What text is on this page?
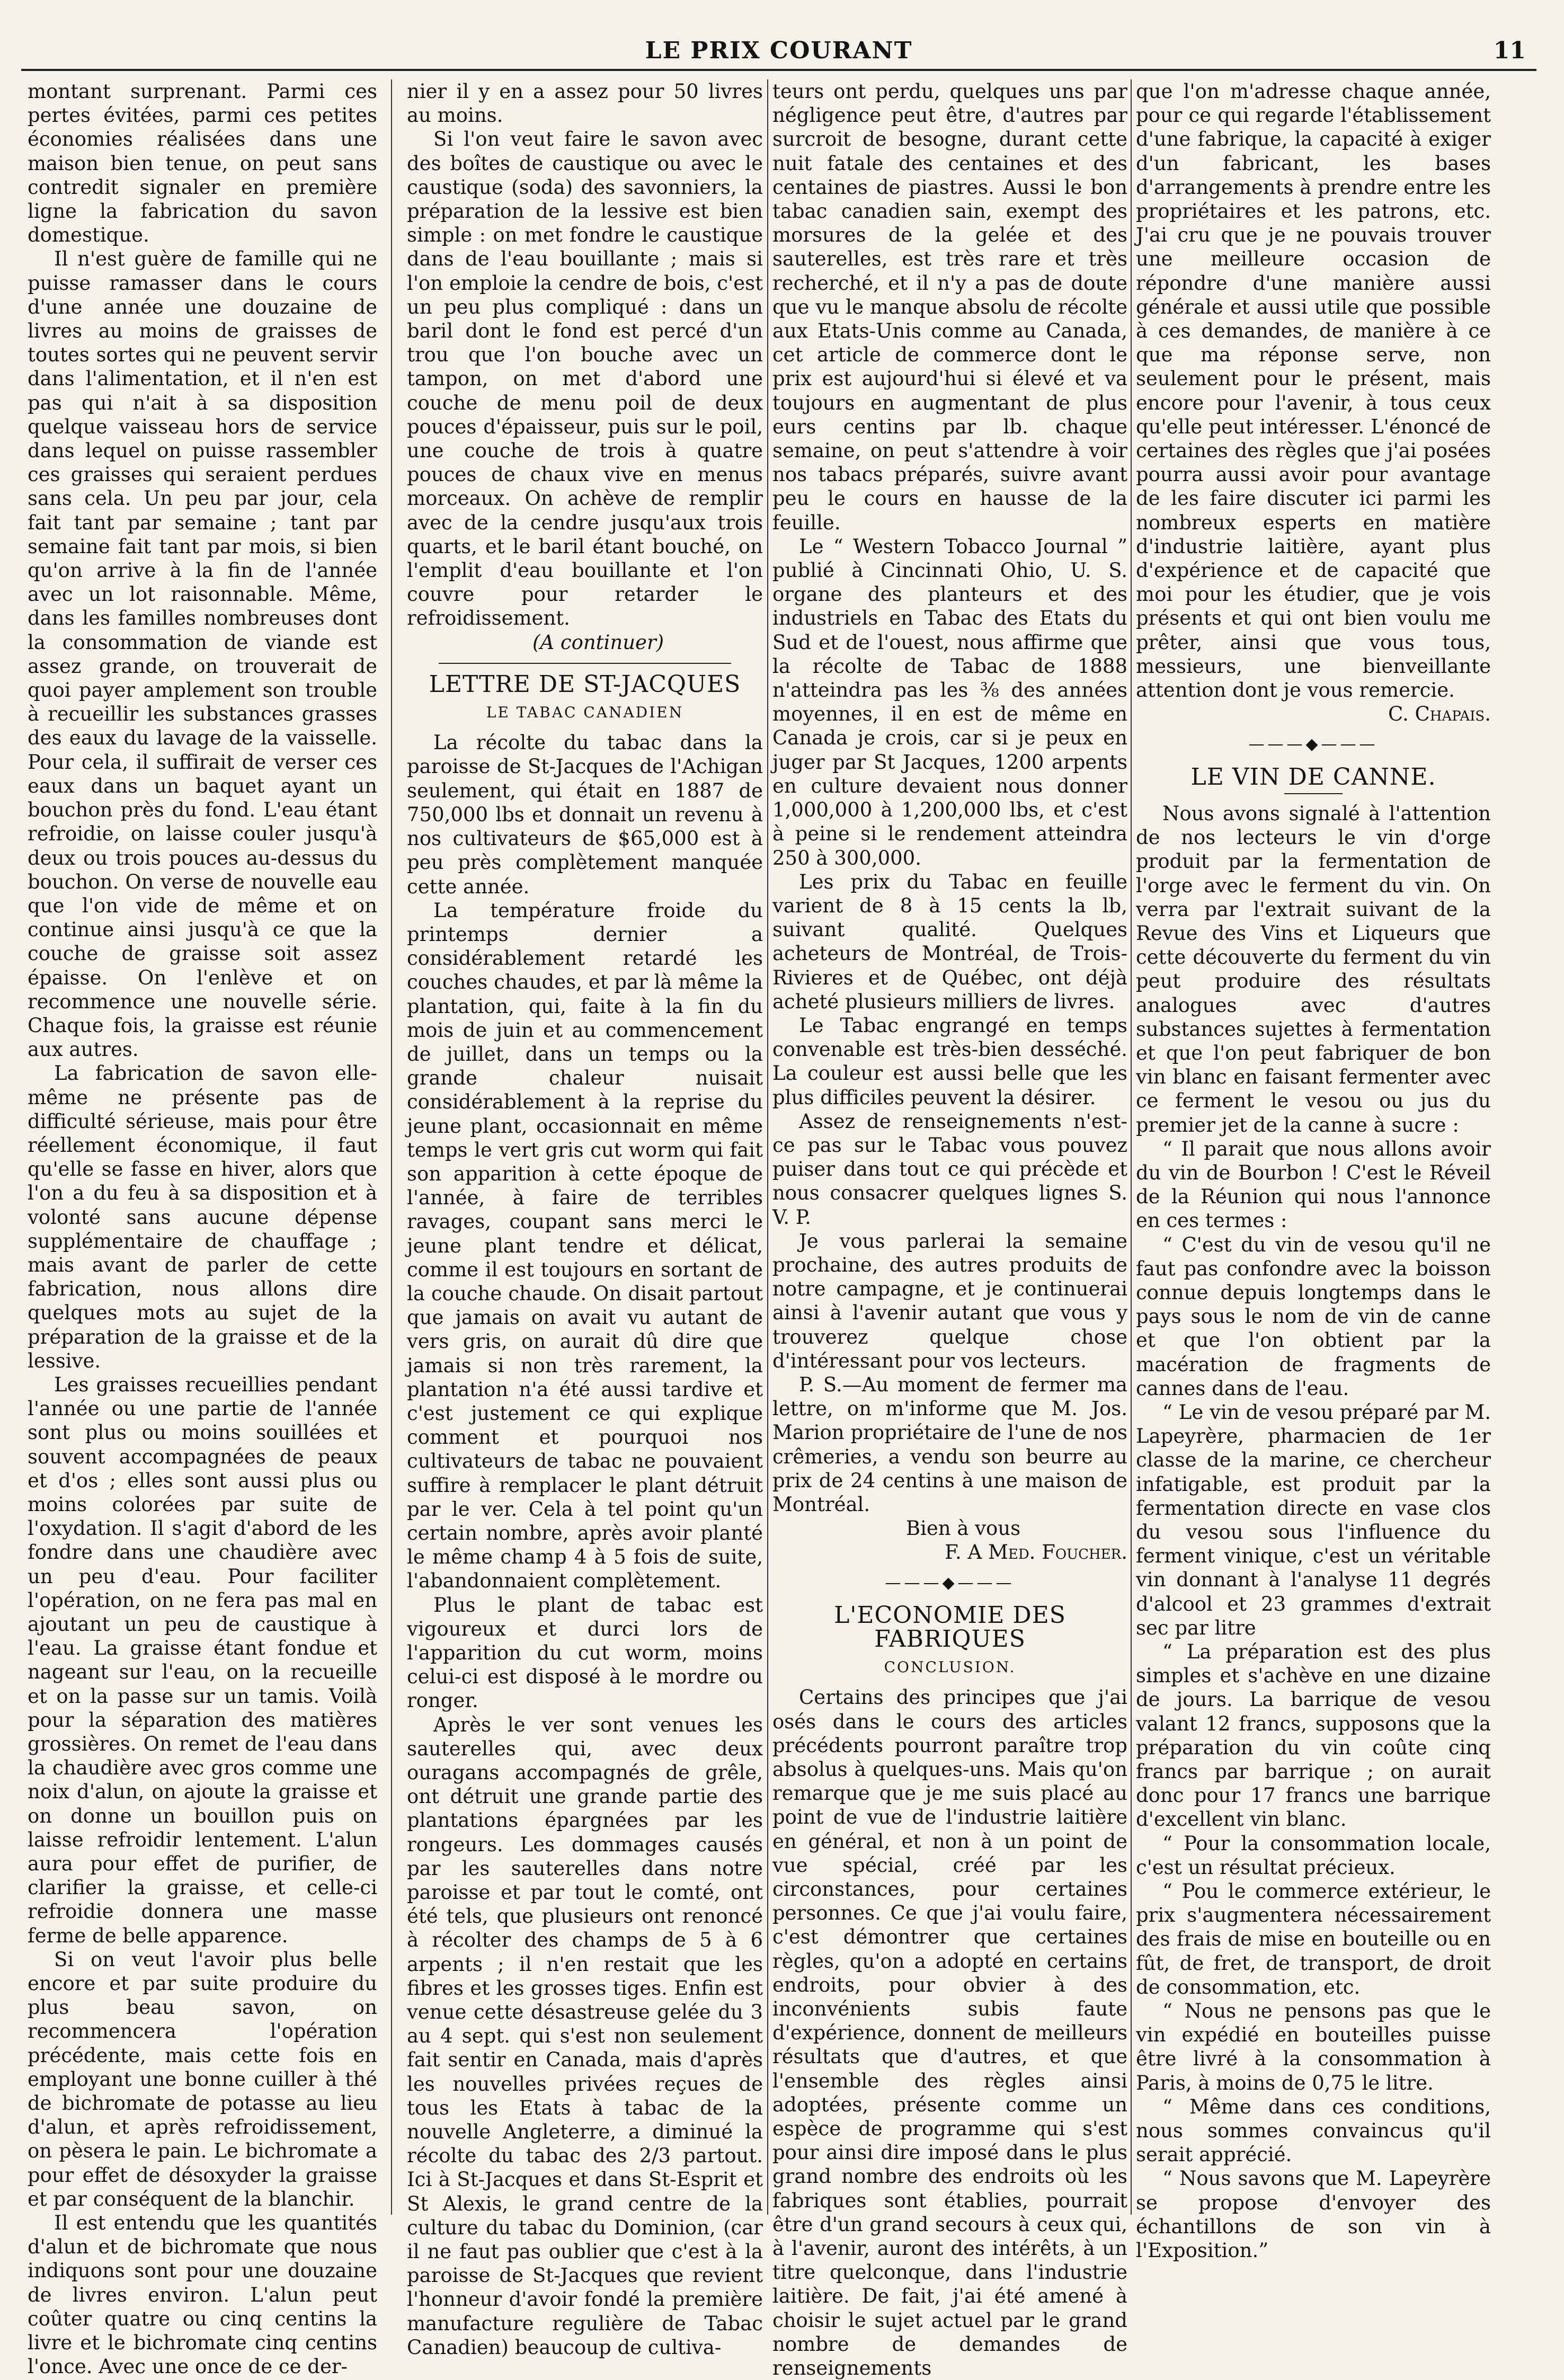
LE PRIX COURANT	11

montant surprenant. Parmi ces pertes évitées, parmi ces petites économies réalisées dans une maison bien tenue, on peut sans contredit signaler en première ligne la fabrication du savon domestique.

Il n'est guère de famille qui ne puisse ramasser dans le cours d'une année une douzaine de livres au moins de graisses de toutes sortes qui ne peuvent servir dans l'alimentation, et il n'en est pas qui n'ait à sa disposition quelque vaisseau hors de service dans lequel on puisse rassembler ces graisses qui seraient perdues sans cela. Un peu par jour, cela fait tant par semaine ; tant par semaine fait tant par mois, si bien qu'on arrive à la fin de l'année avec un lot raisonnable. Même, dans les familles nombreuses dont la consommation de viande est assez grande, on trouverait de quoi payer amplement son trouble à recueillir les substances grasses des eaux du lavage de la vaisselle. Pour cela, il suffirait de verser ces eaux dans un baquet ayant un bouchon près du fond. L'eau étant refroidie, on laisse couler jusqu'à deux ou trois pouces au-dessus du bouchon. On verse de nouvelle eau que l'on vide de même et on continue ainsi jusqu'à ce que la couche de graisse soit assez épaisse. On l'enlève et on recommence une nouvelle série. Chaque fois, la graisse est réunie aux autres.

La fabrication de savon elle-même ne présente pas de difficulté sérieuse, mais pour être réellement économique, il faut qu'elle se fasse en hiver, alors que l'on a du feu à sa disposition et à volonté sans aucune dépense supplémentaire de chauffage ; mais avant de parler de cette fabrication, nous allons dire quelques mots au sujet de la préparation de la graisse et de la lessive.

Les graisses recueillies pendant l'année ou une partie de l'année sont plus ou moins souillées et souvent accompagnées de peaux et d'os ; elles sont aussi plus ou moins colorées par suite de l'oxydation. Il s'agit d'abord de les fondre dans une chaudière avec un peu d'eau. Pour faciliter l'opération, on ne fera pas mal en ajoutant un peu de caustique à l'eau. La graisse étant fondue et nageant sur l'eau, on la recueille et on la passe sur un tamis. Voilà pour la séparation des matières grossières. On remet de l'eau dans la chaudière avec gros comme une noix d'alun, on ajoute la graisse et on donne un bouillon puis on laisse refroidir lentement. L'alun aura pour effet de purifier, de clarifier la graisse, et celle-ci refroidie donnera une masse ferme de belle apparence.

Si on veut l'avoir plus belle encore et par suite produire du plus beau savon, on recommencera l'opération précédente, mais cette fois en employant une bonne cuiller à thé de bichromate de potasse au lieu d'alun, et après refroidissement, on pèsera le pain. Le bichromate a pour effet de désoxyder la graisse et par conséquent de la blanchir.

Il est entendu que les quantités d'alun et de bichromate que nous indiquons sont pour une douzaine de livres environ. L'alun peut coûter quatre ou cinq centins la livre et le bichromate cinq centins l'once. Avec une once de ce der-

nier il y en a assez pour 50 livres au moins.

Si l'on veut faire le savon avec des boîtes de caustique ou avec le caustique (soda) des savonniers, la préparation de la lessive est bien simple : on met fondre le caustique dans de l'eau bouillante ; mais si l'on emploie la cendre de bois, c'est un peu plus compliqué : dans un baril dont le fond est percé d'un trou que l'on bouche avec un tampon, on met d'abord une couche de menu poil de deux pouces d'épaisseur, puis sur le poil, une couche de trois à quatre pouces de chaux vive en menus morceaux. On achève de remplir avec de la cendre jusqu'aux trois quarts, et le baril étant bouché, on l'emplit d'eau bouillante et l'on couvre pour retarder le refroidissement.

(A continuer)

LETTRE DE ST-JACQUES
LE TABAC CANADIEN

La récolte du tabac dans la paroisse de St-Jacques de l'Achigan seulement, qui était en 1887 de 750,000 lbs et donnait un revenu à nos cultivateurs de $65,000 est à peu près complètement manquée cette année.

La température froide du printemps dernier a considérablement retardé les couches chaudes, et par là même la plantation, qui, faite à la fin du mois de juin et au commencement de juillet, dans un temps ou la grande chaleur nuisait considérablement à la reprise du jeune plant, occasionnait en même temps le vert gris cut worm qui fait son apparition à cette époque de l'année, à faire de terribles ravages, coupant sans merci le jeune plant tendre et délicat, comme il est toujours en sortant de la couche chaude. On disait partout que jamais on avait vu autant de vers gris, on aurait dû dire que jamais si non très rarement, la plantation n'a été aussi tardive et c'est justement ce qui explique comment et pourquoi nos cultivateurs de tabac ne pouvaient suffire à remplacer le plant détruit par le ver. Cela à tel point qu'un certain nombre, après avoir planté le même champ 4 à 5 fois de suite, l'abandonnaient complètement.

Plus le plant de tabac est vigoureux et durci lors de l'apparition du cut worm, moins celui-ci est disposé à le mordre ou ronger.

Après le ver sont venues les sauterelles qui, avec deux ouragans accompagnés de grêle, ont détruit une grande partie des plantations épargnées par les rongeurs. Les dommages causés par les sauterelles dans notre paroisse et par tout le comté, ont été tels, que plusieurs ont renoncé à récolter des champs de 5 à 6 arpents ; il n'en restait que les fibres et les grosses tiges. Enfin est venue cette désastreuse gelée du 3 au 4 sept. qui s'est non seulement fait sentir en Canada, mais d'après les nouvelles privées reçues de tous les Etats à tabac de la nouvelle Angleterre, a diminué la récolte du tabac des 2/3 partout. Ici à St-Jacques et dans St-Esprit et St Alexis, le grand centre de la culture du tabac du Dominion, (car il ne faut pas oublier que c'est à la paroisse de St-Jacques que revient l'honneur d'avoir fondé la première manufacture regulière de Tabac Canadien) beaucoup de cultiva-

teurs ont perdu, quelques uns par négligence peut être, d'autres par surcroit de besogne, durant cette nuit fatale des centaines et des centaines de piastres. Aussi le bon tabac canadien sain, exempt des morsures de la gelée et des sauterelles, est très rare et très recherché, et il n'y a pas de doute que vu le manque absolu de récolte aux Etats-Unis comme au Canada, cet article de commerce dont le prix est aujourd'hui si élevé et va toujours en augmentant de plus eurs centins par lb. chaque semaine, on peut s'attendre à voir nos tabacs préparés, suivre avant peu le cours en hausse de la feuille.

Le “ Western Tobacco Journal ” publié à Cincinnati Ohio, U. S. organe des planteurs et des industriels en Tabac des Etats du Sud et de l'ouest, nous affirme que la récolte de Tabac de 1888 n'atteindra pas les ⅜ des années moyennes, il en est de même en Canada je crois, car si je peux en juger par St Jacques, 1200 arpents en culture devaient nous donner 1,000,000 à 1,200,000 lbs, et c'est à peine si le rendement atteindra 250 à 300,000.

Les prix du Tabac en feuille varient de 8 à 15 cents la lb, suivant qualité. Quelques acheteurs de Montréal, de Trois-Rivieres et de Québec, ont déjà acheté plusieurs milliers de livres.

Le Tabac engrangé en temps convenable est très-bien desséché. La couleur est aussi belle que les plus difficiles peuvent la désirer.

Assez de renseignements n'est-ce pas sur le Tabac vous pouvez puiser dans tout ce qui précède et nous consacrer quelques lignes S. V. P.

Je vous parlerai la semaine prochaine, des autres produits de notre campagne, et je continuerai ainsi à l'avenir autant que vous y trouverez quelque chose d'intéressant pour vos lecteurs.

P. S.—Au moment de fermer ma lettre, on m'informe que M. Jos. Marion propriétaire de l'une de nos crêmeries, a vendu son beurre au prix de 24 centins à une maison de Montréal.

Bien à vous

F. A Med. Foucher.

———◆———
L'ECONOMIE DES FABRIQUES
CONCLUSION.

Certains des principes que j'ai osés dans le cours des articles précédents pourront paraître trop absolus à quelques-uns. Mais qu'on remarque que je me suis placé au point de vue de l'industrie laitière en général, et non à un point de vue spécial, créé par les circonstances, pour certaines personnes. Ce que j'ai voulu faire, c'est démontrer que certaines règles, qu'on a adopté en certains endroits, pour obvier à des inconvénients subis faute d'expérience, donnent de meilleurs résultats que d'autres, et que l'ensemble des règles ainsi adoptées, présente comme un espèce de programme qui s'est pour ainsi dire imposé dans le plus grand nombre des endroits où les fabriques sont établies, pourrait être d'un grand secours à ceux qui, à l'avenir, auront des intérêts, à un titre quelconque, dans l'industrie laitière. De fait, j'ai été amené à choisir le sujet actuel par le grand nombre de demandes de renseignements

que l'on m'adresse chaque année, pour ce qui regarde l'établissement d'une fabrique, la capacité à exiger d'un fabricant, les bases d'arrangements à prendre entre les propriétaires et les patrons, etc. J'ai cru que je ne pouvais trouver une meilleure occasion de répondre d'une manière aussi générale et aussi utile que possible à ces demandes, de manière à ce que ma réponse serve, non seulement pour le présent, mais encore pour l'avenir, à tous ceux qu'elle peut intéresser. L'énoncé de certaines des règles que j'ai posées pourra aussi avoir pour avantage de les faire discuter ici parmi les nombreux esperts en matière d'industrie laitière, ayant plus d'expérience et de capacité que moi pour les étudier, que je vois présents et qui ont bien voulu me prêter, ainsi que vous tous, messieurs, une bienveillante attention dont je vous remercie.

C. Chapais.

———◆———
LE VIN DE CANNE.

Nous avons signalé à l'attention de nos lecteurs le vin d'orge produit par la fermentation de l'orge avec le ferment du vin. On verra par l'extrait suivant de la Revue des Vins et Liqueurs que cette découverte du ferment du vin peut produire des résultats analogues avec d'autres substances sujettes à fermentation et que l'on peut fabriquer de bon vin blanc en faisant fermenter avec ce ferment le vesou ou jus du premier jet de la canne à sucre :

“ Il parait que nous allons avoir du vin de Bourbon ! C'est le Réveil de la Réunion qui nous l'annonce en ces termes :

“ C'est du vin de vesou qu'il ne faut pas confondre avec la boisson connue depuis longtemps dans le pays sous le nom de vin de canne et que l'on obtient par la macération de fragments de cannes dans de l'eau.

“ Le vin de vesou préparé par M. Lapeyrère, pharmacien de 1er classe de la marine, ce chercheur infatigable, est produit par la fermentation directe en vase clos du vesou sous l'influence du ferment vinique, c'est un véritable vin donnant à l'analyse 11 degrés d'alcool et 23 grammes d'extrait sec par litre

“ La préparation est des plus simples et s'achève en une dizaine de jours. La barrique de vesou valant 12 francs, supposons que la préparation du vin coûte cinq francs par barrique ; on aurait donc pour 17 francs une barrique d'excellent vin blanc.

“ Pour la consommation locale, c'est un résultat précieux.

“ Pou le commerce extérieur, le prix s'augmentera nécessairement des frais de mise en bouteille ou en fût, de fret, de transport, de droit de consommation, etc.

“ Nous ne pensons pas que le vin expédié en bouteilles puisse être livré à la consommation à Paris, à moins de 0,75 le litre.

“ Même dans ces conditions, nous sommes convaincus qu'il serait apprécié.

“ Nous savons que M. Lapeyrère se propose d'envoyer des échantillons de son vin à l'Exposition.”
